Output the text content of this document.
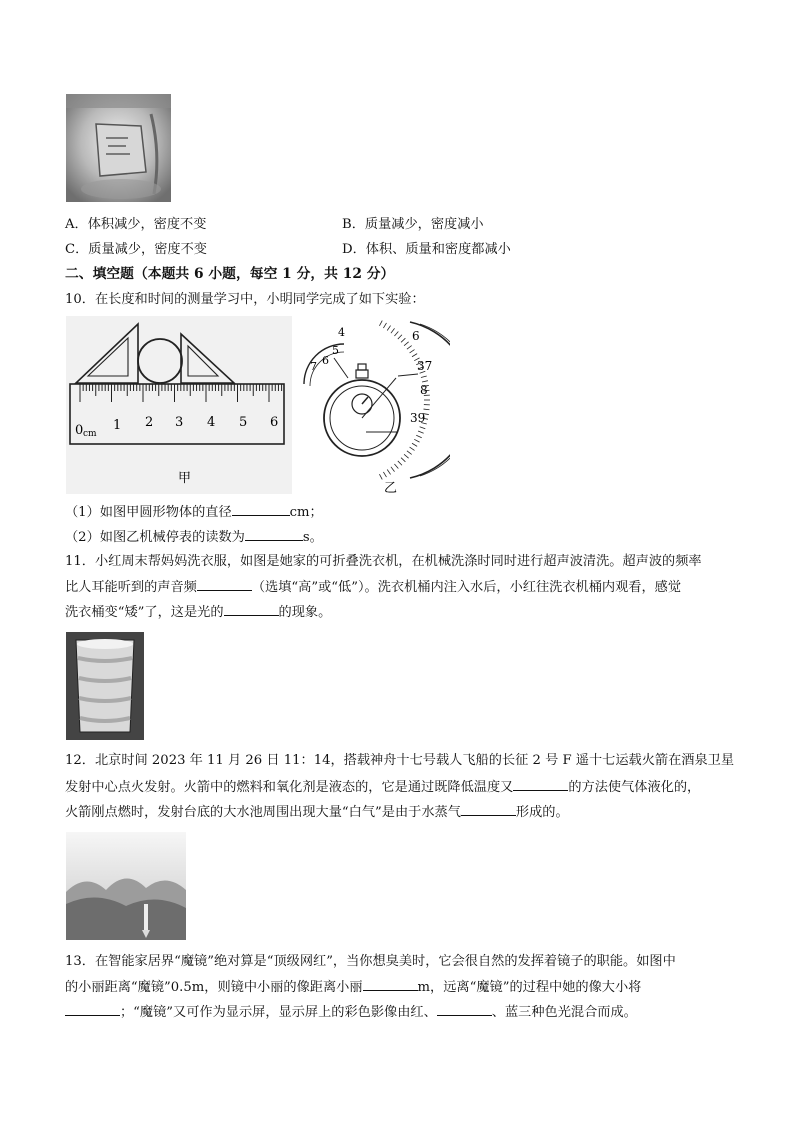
A．体积减少，密度不变	B．质量减少，密度减小
C．质量减少，密度不变	D．体积、质量和密度都减小
二、填空题（本题共 6 小题，每空 1 分，共 12 分）
10．在长度和时间的测量学习中，小明同学完成了如下实验：
0 cm
1 2 3 4 5 6
甲
4
5
6
7
6
37
8
39
乙
（1）如图甲圆形物体的直径	cm；
（2）如图乙机械停表的读数为	s。
11．小红周末帮妈妈洗衣服，如图是她家的可折叠洗衣机，在机械洗涤时同时进行超声波清洗。超声波的频率
比人耳能听到的声音频	（选填“高”或“低”）。洗衣机桶内注入水后，小红往洗衣机桶内观看，感觉
洗衣桶变“矮”了，这是光的	的现象。
12．北京时间 2023 年 11 月 26 日 11：14，搭载神舟十七号载人飞船的长征 2 号 F 遥十七运载火箭在酒泉卫星
发射中心点火发射。火箭中的燃料和氧化剂是液态的，它是通过既降低温度又	的方法使气体液化的，
火箭刚点燃时，发射台底的大水池周围出现大量“白气”是由于水蒸气	形成的。
13．在智能家居界“魔镜”绝对算是“顶级网红”，当你想臭美时，它会很自然的发挥着镜子的职能。如图中
的小丽距离“魔镜”0.5m，则镜中小丽的像距离小丽	m，远离“魔镜”的过程中她的像大小将
；“魔镜”又可作为显示屏，显示屏上的彩色影像由红、	、蓝三种色光混合而成。
